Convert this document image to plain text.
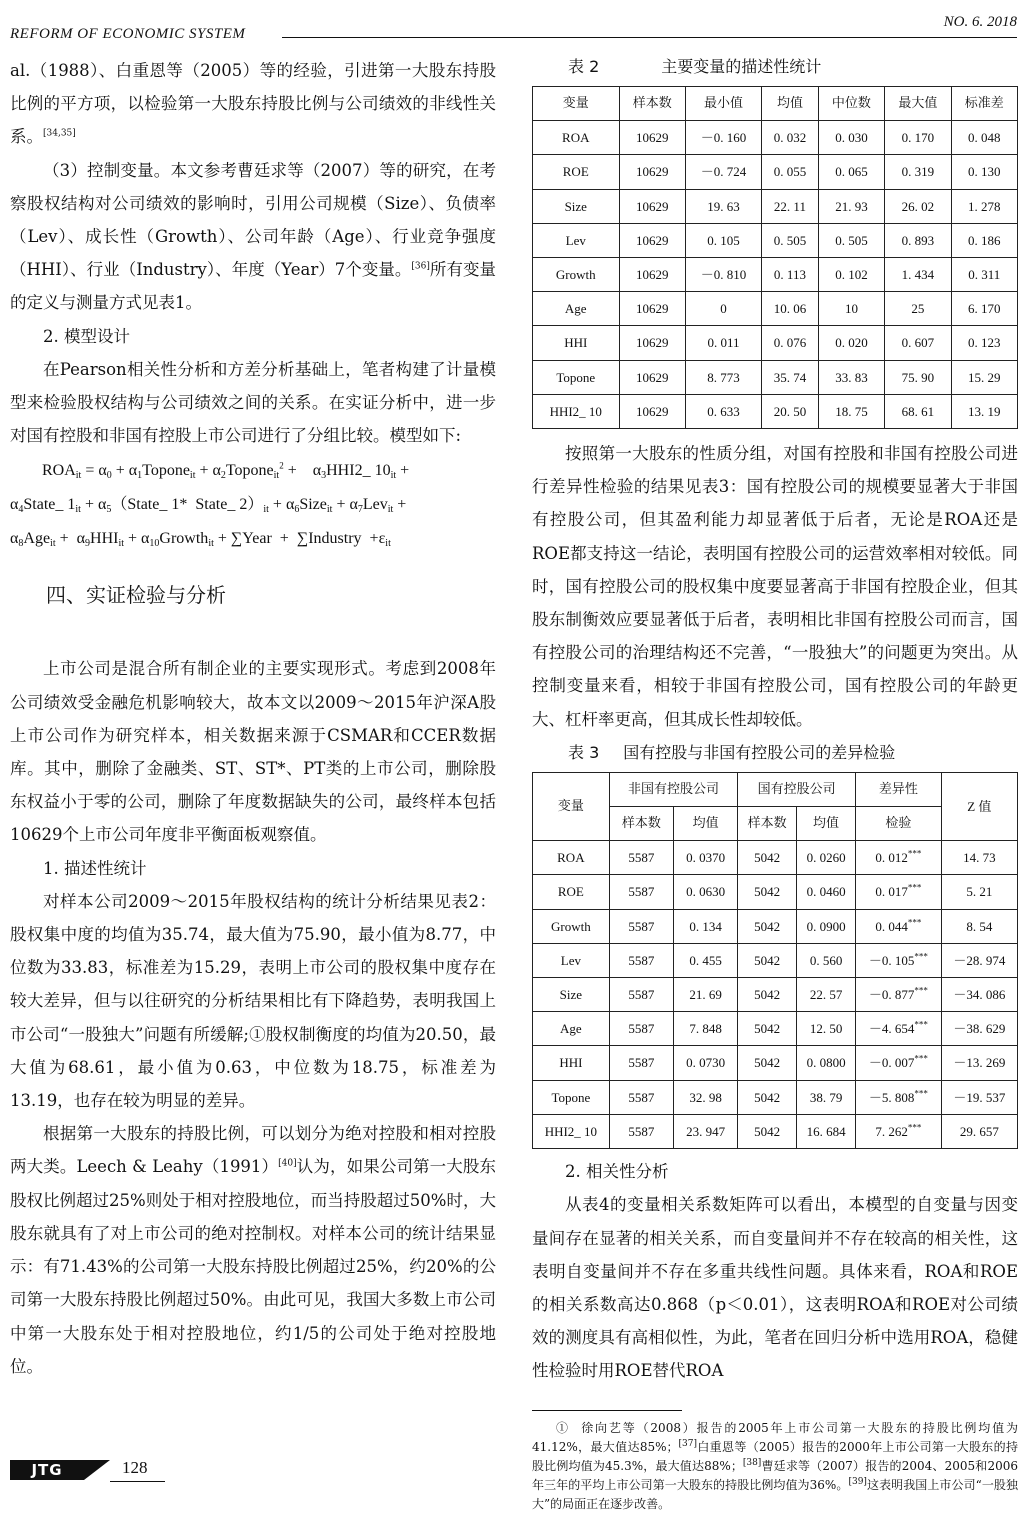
REFORM OF ECONOMIC SYSTEM
NO. 6. 2018

al.（1988）、白重恩等（2005）等的经验，引进第一大股东持股比例的平方项，以检验第一大股东持股比例与公司绩效的非线性关系。[34,35]

（3）控制变量。本文参考曹廷求等（2007）等的研究，在考察股权结构对公司绩效的影响时，引用公司规模（Size）、负债率（Lev）、成长性（Growth）、公司年龄（Age）、行业竞争强度（HHI）、行业（Industry）、年度（Year）7个变量。[36]所有变量的定义与测量方式见表1。

2. 模型设计

在Pearson相关性分析和方差分析基础上，笔者构建了计量模型来检验股权结构与公司绩效之间的关系。在实证分析中，进一步对国有控股和非国有控股上市公司进行了分组比较。模型如下:

$ROA_{it} = \alpha_0$ + $\alpha_1Topone_{it}$ + $\alpha_2Topone_{it}^2$ +    $\alpha_3HHI2\_$ $10_{it}$ +

$\alpha_4State\_$ $1_{it}$ + $\alpha_5(State\_$ 1*  State_ $2)_{it}$ + $\alpha_6Size_{it} + \alpha_7Lev_{it}$ +

$\alpha_8Age_{it} + \alpha_9HHI_{it}$ + $\alpha_{10}Growth_{it}$ + ∑Year  +  ∑Industry  $+\varepsilon_{it}$

四、实证检验与分析

上市公司是混合所有制企业的主要实现形式。考虑到2008年公司绩效受金融危机影响较大，故本文以2009～2015年沪深A股上市公司作为研究样本，相关数据来源于CSMAR和CCER数据库。其中，删除了金融类、ST、ST*、PT类的上市公司，删除股东权益小于零的公司，删除了年度数据缺失的公司，最终样本包括10629个上市公司年度非平衡面板观察值。

1. 描述性统计

对样本公司2009～2015年股权结构的统计分析结果见表2：股权集中度的均值为35.74，最大值为75.90，最小值为8.77，中位数为33.83，标准差为15.29，表明上市公司的股权集中度存在较大差异，但与以往研究的分析结果相比有下降趋势，表明我国上市公司“一股独大”问题有所缓解;①股权制衡度的均值为20.50，最大值为68.61，最小值为0.63，中位数为18.75，标准差为13.19，也存在较为明显的差异。

根据第一大股东的持股比例，可以划分为绝对控股和相对控股两大类。Leech & Leahy（1991）[40]认为，如果公司第一大股东股权比例超过25%则处于相对控股地位，而当持股超过50%时，大股东就具有了对上市公司的绝对控制权。对样本公司的统计结果显示：有71.43%的公司第一大股东持股比例超过25%，约20%的公司第一大股东持股比例超过50%。由此可见，我国大多数上市公司中第一大股东处于相对控股地位，约1/5的公司处于绝对控股地位。

表 2	主要变量的描述性统计
变量	样本数	最小值	均值	中位数	最大值	标准差
ROA	10629	－0. 160	0. 032	0. 030	0. 170	0. 048
ROE	10629	－0. 724	0. 055	0. 065	0. 319	0. 130
Size	10629	19. 63	22. 11	21. 93	26. 02	1. 278
Lev	10629	0. 105	0. 505	0. 505	0. 893	0. 186
Growth	10629	－0. 810	0. 113	0. 102	1. 434	0. 311
Age	10629	0	10. 06	10	25	6. 170
HHI	10629	0. 011	0. 076	0. 020	0. 607	0. 123
Topone	10629	8. 773	35. 74	33. 83	75. 90	15. 29
HHI2_ 10	10629	0. 633	20. 50	18. 75	68. 61	13. 19

按照第一大股东的性质分组，对国有控股和非国有控股公司进行差异性检验的结果见表3：国有控股公司的规模要显著大于非国有控股公司，但其盈利能力却显著低于后者，无论是ROA还是ROE都支持这一结论，表明国有控股公司的运营效率相对较低。同时，国有控股公司的股权集中度要显著高于非国有控股企业，但其股东制衡效应要显著低于后者，表明相比非国有控股公司而言，国有控股公司的治理结构还不完善，“一股独大”的问题更为突出。从控制变量来看，相较于非国有控股公司，国有控股公司的年龄更大、杠杆率更高，但其成长性却较低。

表 3 国有控股与非国有控股公司的差异检验
变量	非国有控股公司		国有控股公司		差异性	Z 值
	样本数	均值	样本数	均值	检验	
ROA	5587	0. 0370	5042	0. 0260	0. 012***	14. 73
ROE	5587	0. 0630	5042	0. 0460	0. 017***	5. 21
Growth	5587	0. 134	5042	0. 0900	0. 044***	8. 54
Lev	5587	0. 455	5042	0. 560	－0. 105***	－28. 974
Size	5587	21. 69	5042	22. 57	－0. 877***	－34. 086
Age	5587	7. 848	5042	12. 50	－4. 654***	－38. 629
HHI	5587	0. 0730	5042	0. 0800	－0. 007***	－13. 269
Topone	5587	32. 98	5042	38. 79	－5. 808***	－19. 537
HHI2_ 10	5587	23. 947	5042	16. 684	7. 262***	29. 657

2. 相关性分析

从表4的变量相关系数矩阵可以看出，本模型的自变量与因变量间存在显著的相关关系，而自变量间并不存在较高的相关性，这表明自变量间并不存在多重共线性问题。具体来看，ROA和ROE的相关系数高达0.868（p＜0.01），这表明ROA和ROE对公司绩效的测度具有高相似性，为此，笔者在回归分析中选用ROA，稳健性检验时用ROE替代ROA

① 徐向艺等（2008）报告的2005年上市公司第一大股东的持股比例均值为41.12%，最大值达85%；[37]白重恩等（2005）报告的2000年上市公司第一大股东的持股比例均值为45.3%，最大值达88%；[38]曹廷求等（2007）报告的2004、2005和2006年三年的平均上市公司第一大股东的持股比例均值为36%。[39]这表明我国上市公司“一股独大”的局面正在逐步改善。

JTG	128
